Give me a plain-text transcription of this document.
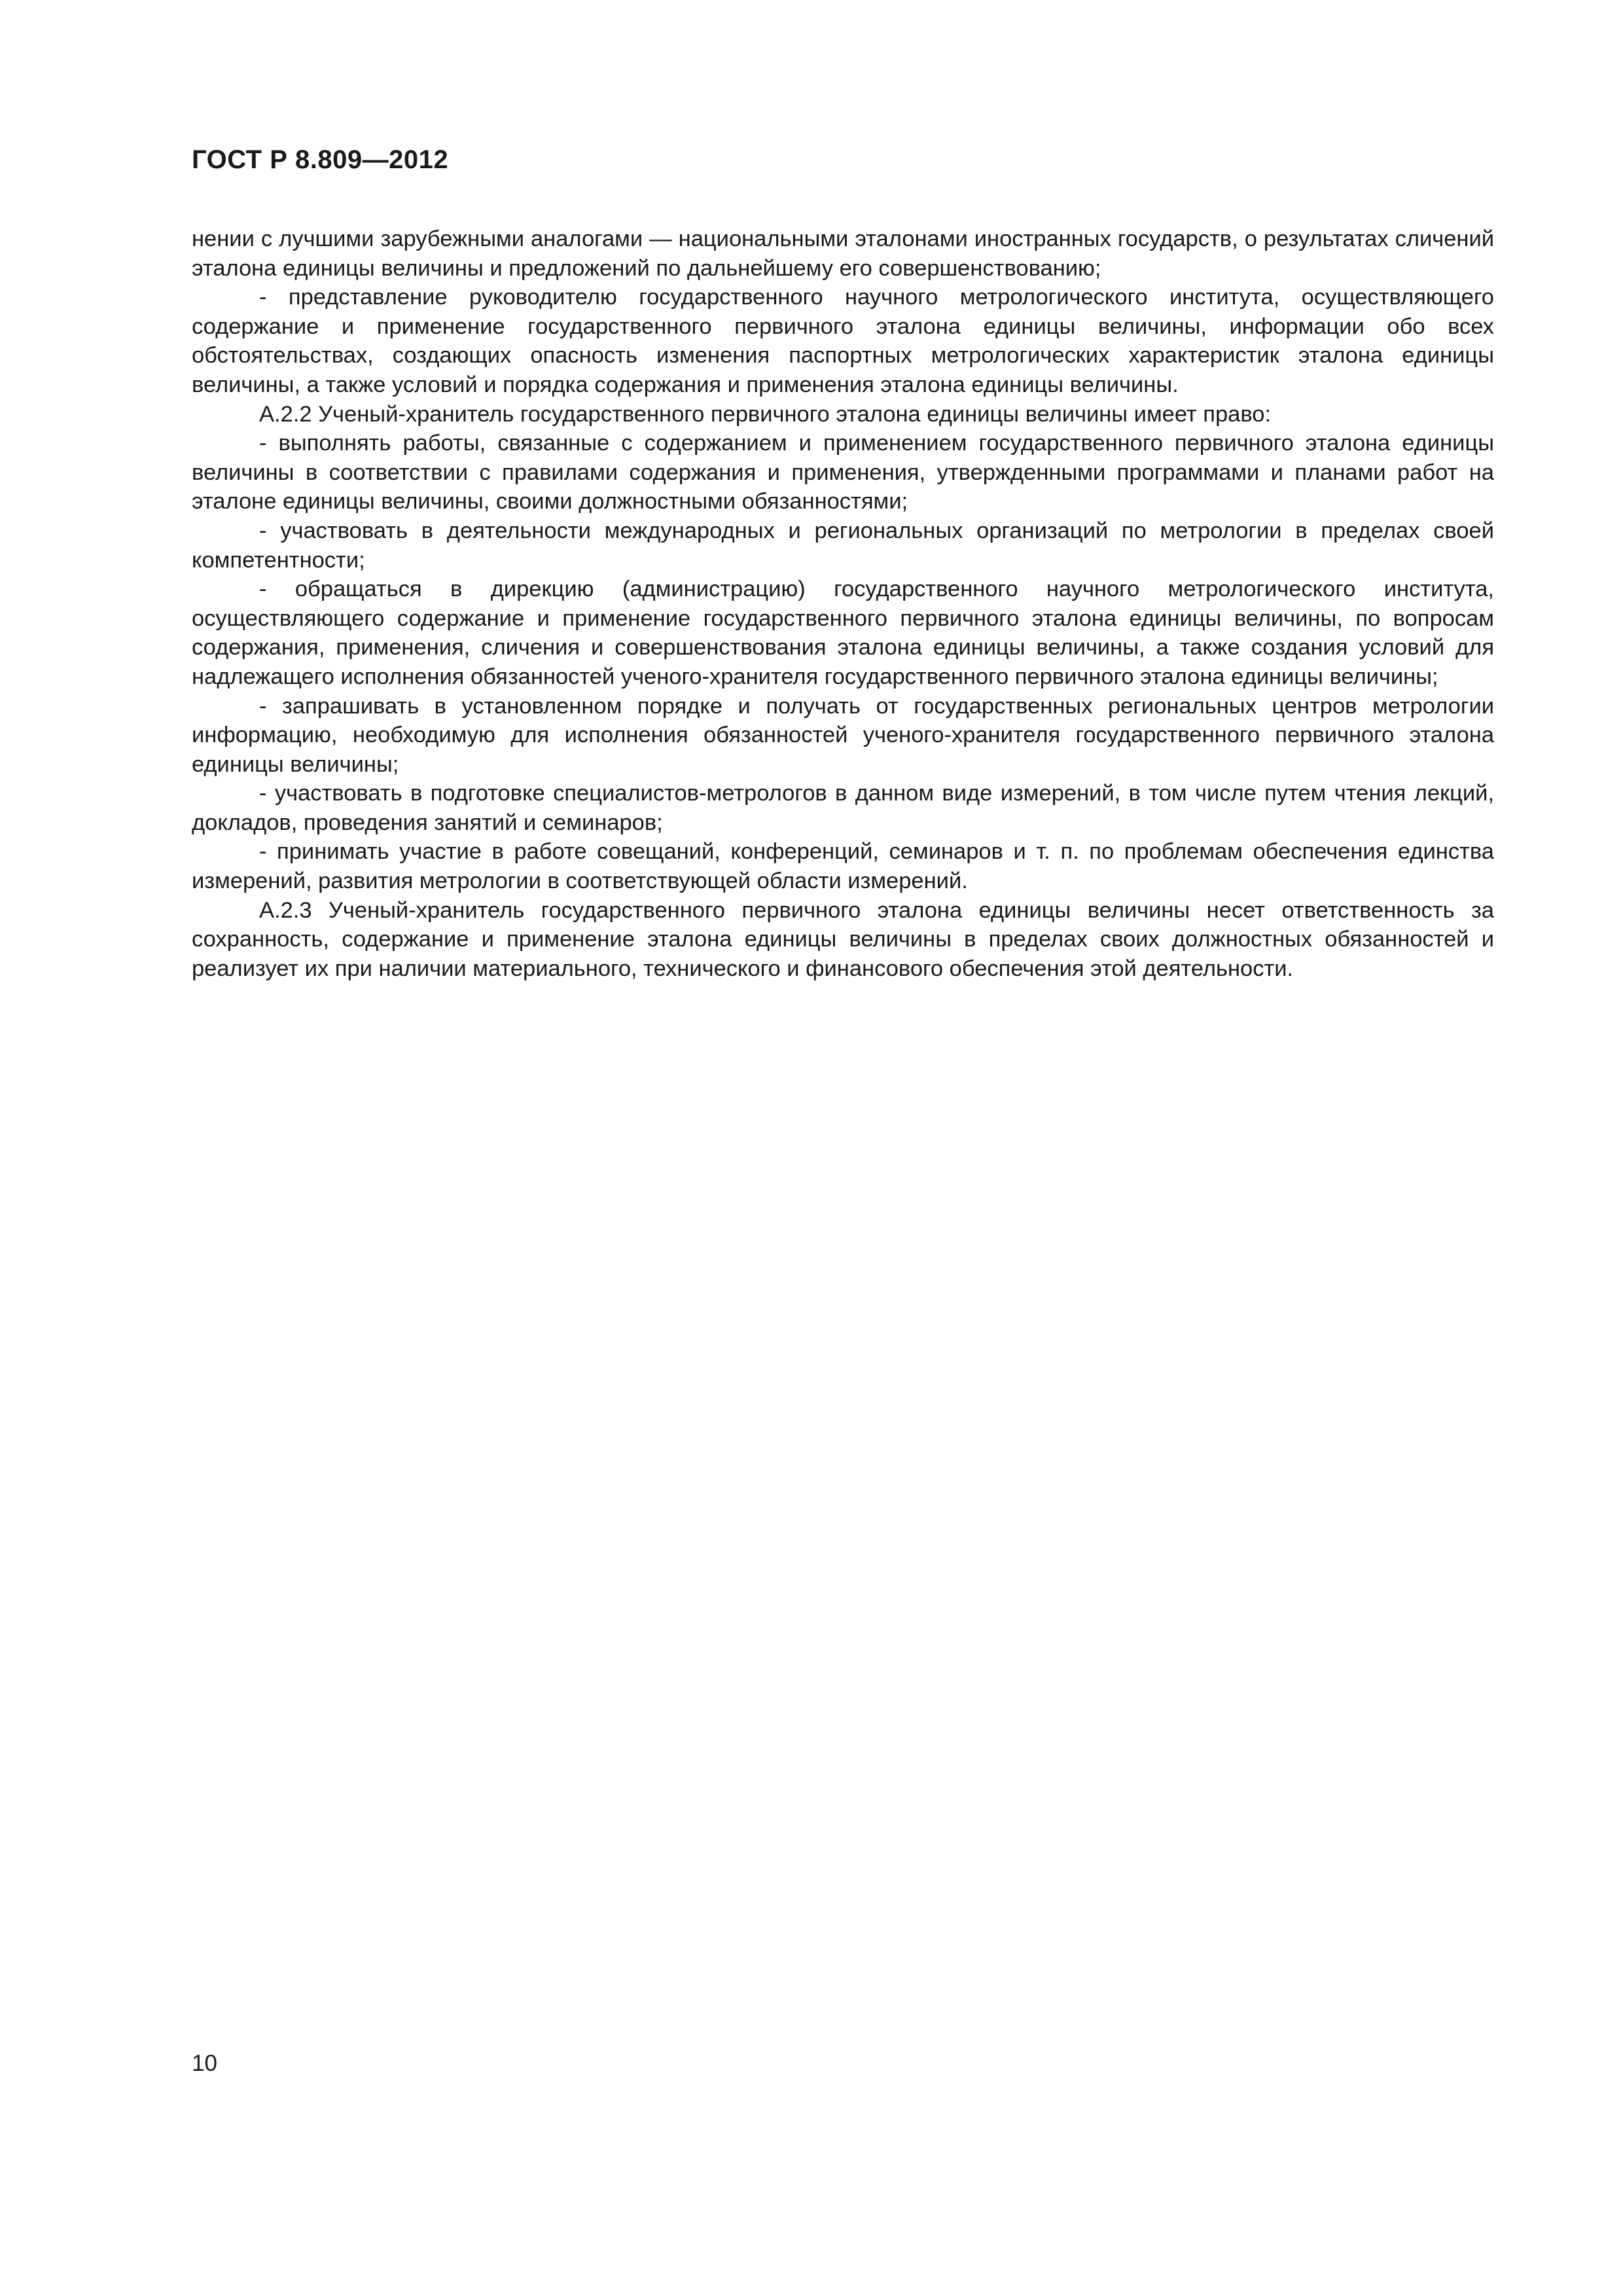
ГОСТ Р 8.809—2012

нении с лучшими зарубежными аналогами — национальными эталонами иностранных государств, о результатах сличений эталона единицы величины и предложений по дальнейшему его совершенствованию;

- представление руководителю государственного научного метрологического института, осуществляющего содержание и применение государственного первичного эталона единицы величины, информации обо всех обстоятельствах, создающих опасность изменения паспортных метрологических характеристик эталона единицы величины, а также условий и порядка содержания и применения эталона единицы величины.

А.2.2 Ученый-хранитель государственного первичного эталона единицы величины имеет право:

- выполнять работы, связанные с содержанием и применением государственного первичного эталона единицы величины в соответствии с правилами содержания и применения, утвержденными программами и планами работ на эталоне единицы величины, своими должностными обязанностями;

- участвовать в деятельности международных и региональных организаций по метрологии в пределах своей компетентности;

- обращаться в дирекцию (администрацию) государственного научного метрологического института, осуществляющего содержание и применение государственного первичного эталона единицы величины, по вопросам содержания, применения, сличения и совершенствования эталона единицы величины, а также создания условий для надлежащего исполнения обязанностей ученого-хранителя государственного первичного эталона единицы величины;

- запрашивать в установленном порядке и получать от государственных региональных центров метрологии информацию, необходимую для исполнения обязанностей ученого-хранителя государственного первичного эталона единицы величины;

- участвовать в подготовке специалистов-метрологов в данном виде измерений, в том числе путем чтения лекций, докладов, проведения занятий и семинаров;

- принимать участие в работе совещаний, конференций, семинаров и т. п. по проблемам обеспечения единства измерений, развития метрологии в соответствующей области измерений.

А.2.3 Ученый-хранитель государственного первичного эталона единицы величины несет ответственность за сохранность, содержание и применение эталона единицы величины в пределах своих должностных обязанностей и реализует их при наличии материального, технического и финансового обеспечения этой деятельности.

10
